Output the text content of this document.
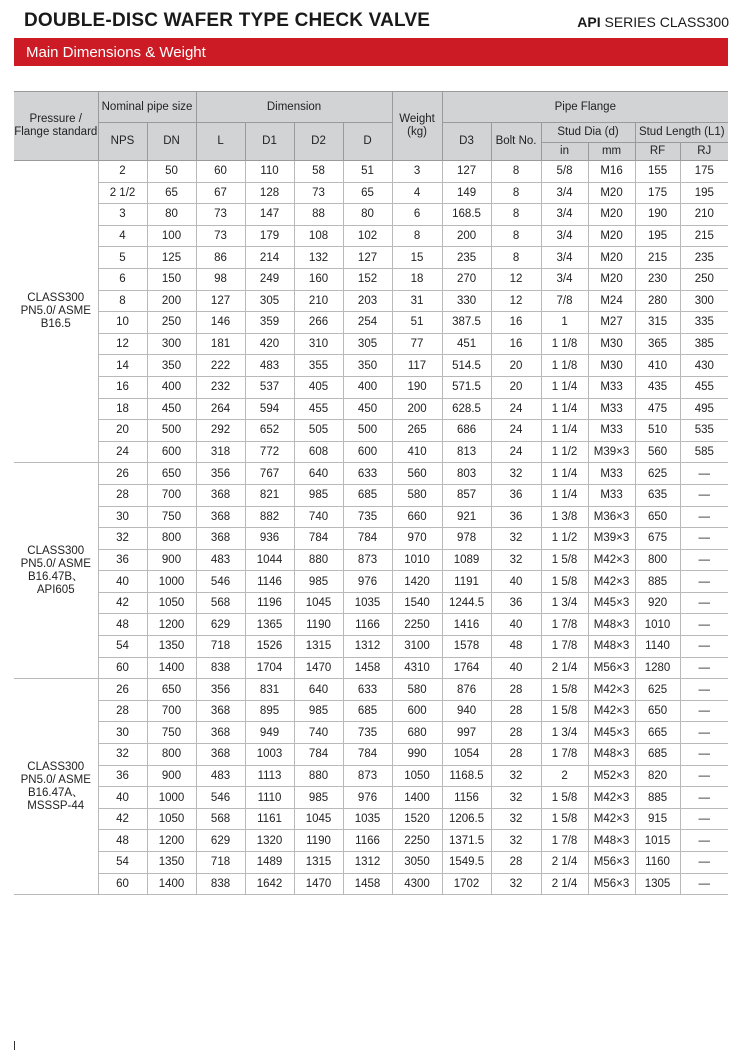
DOUBLE-DISC WAFER TYPE CHECK VALVE	API SERIES CLASS300
Main Dimensions & Weight
Pressure / Flange standard	Nominal pipe size		Dimension				Weight (kg)	Pipe Flange					
	NPS	DN	L	D1	D2	D		D3	Bolt No.	Stud Dia (d)		Stud Length (L1)	
										in	mm	RF	RJ
CLASS300 PN5.0/ ASME B16.5	2	50	60	110	58	51	3	127	8	5/8	M16	155	175
	2 1/2	65	67	128	73	65	4	149	8	3/4	M20	175	195
	3	80	73	147	88	80	6	168.5	8	3/4	M20	190	210
	4	100	73	179	108	102	8	200	8	3/4	M20	195	215
	5	125	86	214	132	127	15	235	8	3/4	M20	215	235
	6	150	98	249	160	152	18	270	12	3/4	M20	230	250
	8	200	127	305	210	203	31	330	12	7/8	M24	280	300
	10	250	146	359	266	254	51	387.5	16	1	M27	315	335
	12	300	181	420	310	305	77	451	16	1 1/8	M30	365	385
	14	350	222	483	355	350	117	514.5	20	1 1/8	M30	410	430
	16	400	232	537	405	400	190	571.5	20	1 1/4	M33	435	455
	18	450	264	594	455	450	200	628.5	24	1 1/4	M33	475	495
	20	500	292	652	505	500	265	686	24	1 1/4	M33	510	535
	24	600	318	772	608	600	410	813	24	1 1/2	M39×3	560	585
CLASS300 PN5.0/ ASME B16.47B、 API605	26	650	356	767	640	633	560	803	32	1 1/4	M33	625	—
	28	700	368	821	985	685	580	857	36	1 1/4	M33	635	—
	30	750	368	882	740	735	660	921	36	1 3/8	M36×3	650	—
	32	800	368	936	784	784	970	978	32	1 1/2	M39×3	675	—
	36	900	483	1044	880	873	1010	1089	32	1 5/8	M42×3	800	—
	40	1000	546	1146	985	976	1420	1191	40	1 5/8	M42×3	885	—
	42	1050	568	1196	1045	1035	1540	1244.5	36	1 3/4	M45×3	920	—
	48	1200	629	1365	1190	1166	2250	1416	40	1 7/8	M48×3	1010	—
	54	1350	718	1526	1315	1312	3100	1578	48	1 7/8	M48×3	1140	—
	60	1400	838	1704	1470	1458	4310	1764	40	2 1/4	M56×3	1280	—
CLASS300 PN5.0/ ASME B16.47A、 MSSSP-44	26	650	356	831	640	633	580	876	28	1 5/8	M42×3	625	—
	28	700	368	895	985	685	600	940	28	1 5/8	M42×3	650	—
	30	750	368	949	740	735	680	997	28	1 3/4	M45×3	665	—
	32	800	368	1003	784	784	990	1054	28	1 7/8	M48×3	685	—
	36	900	483	1113	880	873	1050	1168.5	32	2	M52×3	820	—
	40	1000	546	1110	985	976	1400	1156	32	1 5/8	M42×3	885	—
	42	1050	568	1161	1045	1035	1520	1206.5	32	1 5/8	M42×3	915	—
	48	1200	629	1320	1190	1166	2250	1371.5	32	1 7/8	M48×3	1015	—
	54	1350	718	1489	1315	1312	3050	1549.5	28	2 1/4	M56×3	1160	—
	60	1400	838	1642	1470	1458	4300	1702	32	2 1/4	M56×3	1305	—
